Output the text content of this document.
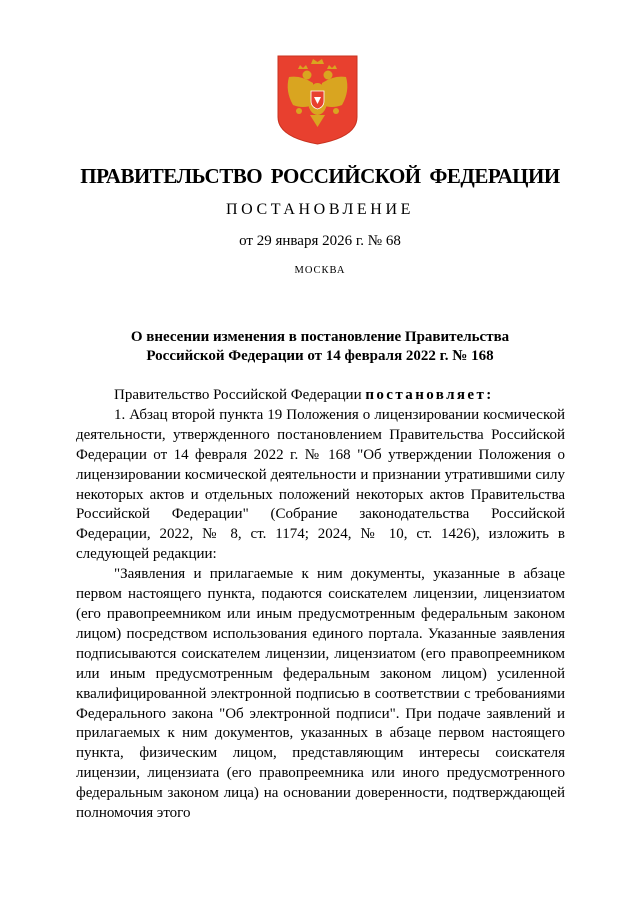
ПРАВИТЕЛЬСТВО РОССИЙСКОЙ ФЕДЕРАЦИИ
ПОСТАНОВЛЕНИЕ
от 29 января 2026 г. № 68
МОСКВА
О внесении изменения в постановление Правительства
Российской Федерации от 14 февраля 2022 г. № 168

Правительство Российской Федерации постановляет:

1. Абзац второй пункта 19 Положения о лицензировании космической деятельности, утвержденного постановлением Правительства Российской Федерации от 14 февраля 2022 г. № 168 "Об утверждении Положения о лицензировании космической деятельности и признании утратившими силу некоторых актов и отдельных положений некоторых актов Правительства Российской Федерации" (Собрание законодательства Российской Федерации, 2022, № 8, ст. 1174; 2024, № 10, ст. 1426), изложить в следующей редакции:

"Заявления и прилагаемые к ним документы, указанные в абзаце первом настоящего пункта, подаются соискателем лицензии, лицензиатом (его правопреемником или иным предусмотренным федеральным законом лицом) посредством использования единого портала. Указанные заявления подписываются соискателем лицензии, лицензиатом (его правопреемником или иным предусмотренным федеральным законом лицом) усиленной квалифицированной электронной подписью в соответствии с требованиями Федерального закона "Об электронной подписи". При подаче заявлений и прилагаемых к ним документов, указанных в абзаце первом настоящего пункта, физическим лицом, представляющим интересы соискателя лицензии, лицензиата (его правопреемника или иного предусмотренного федеральным законом лица) на основании доверенности, подтверждающей полномочия этого
